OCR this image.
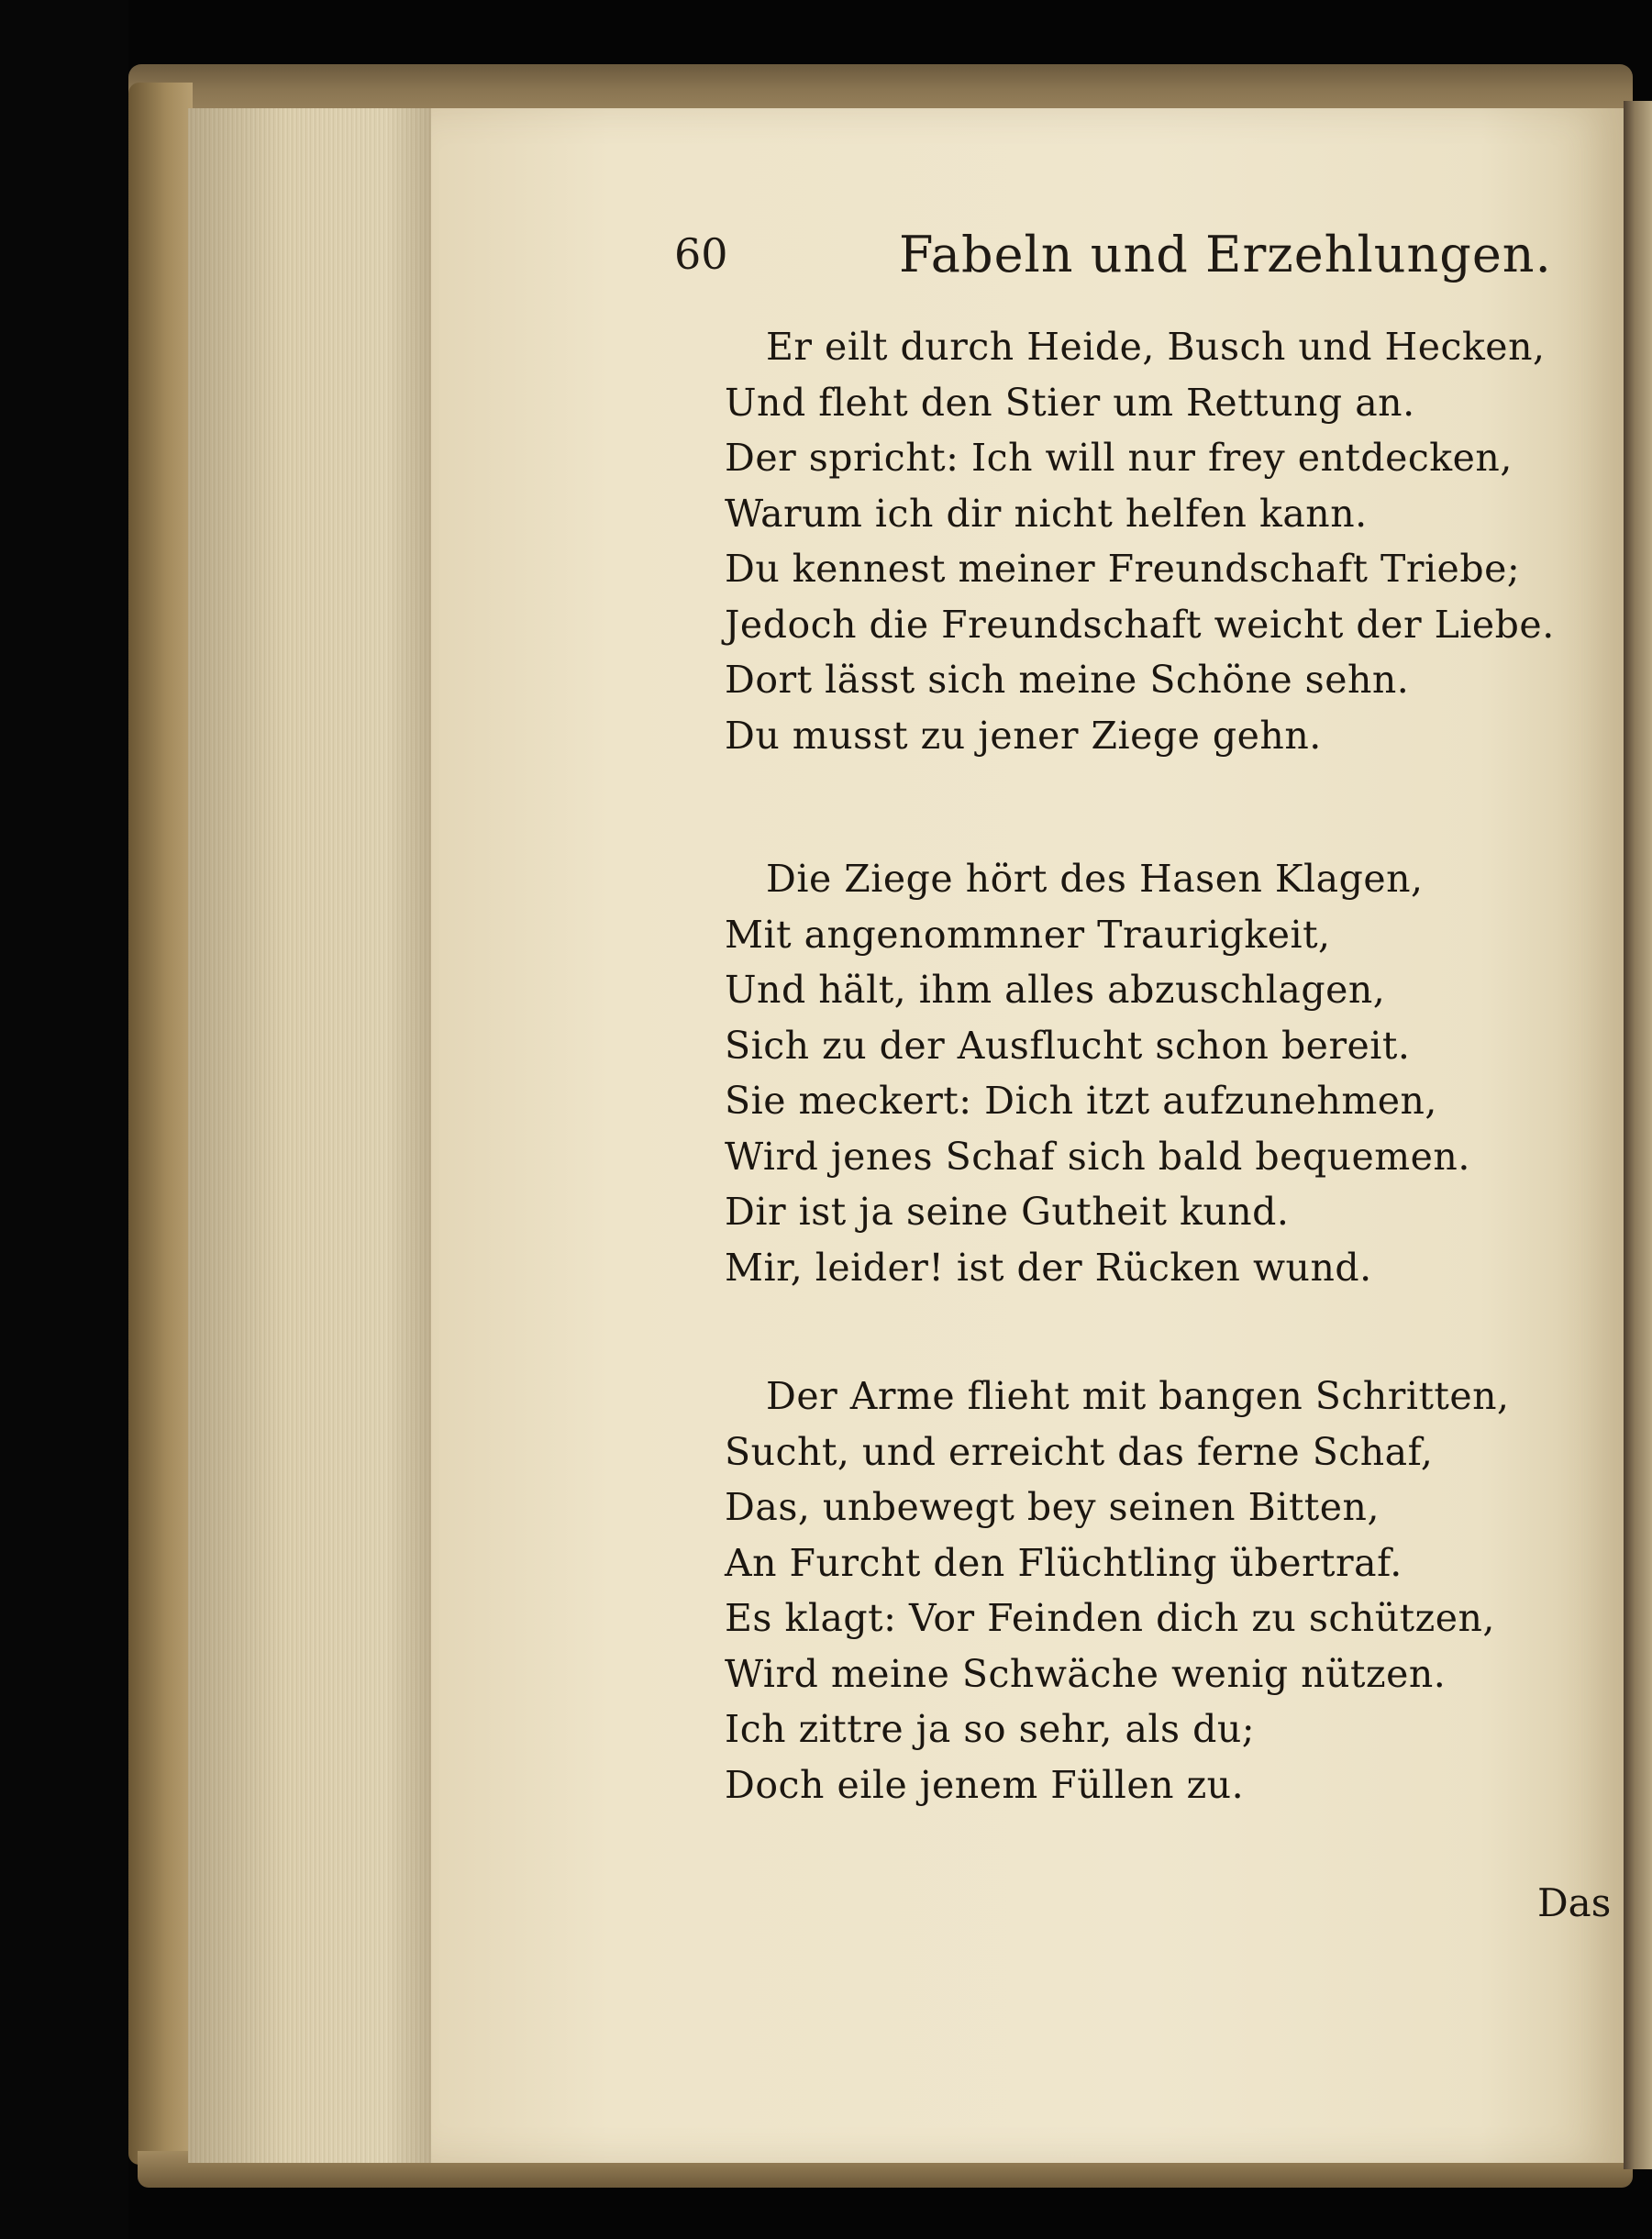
60	Fabeln und Erzehlungen.
Er eilt durch Heide, Busch und Hecken,
Und fleht den Stier um Rettung an.
Der spricht: Ich will nur frey entdecken,
Warum ich dir nicht helfen kann.
Du kennest meiner Freundschaft Triebe;
Jedoch die Freundschaft weicht der Liebe.
Dort lässt sich meine Schöne sehn.
Du musst zu jener Ziege gehn.
Die Ziege hört des Hasen Klagen,
Mit angenommner Traurigkeit,
Und hält, ihm alles abzuschlagen,
Sich zu der Ausflucht schon bereit.
Sie meckert: Dich itzt aufzunehmen,
Wird jenes Schaf sich bald bequemen.
Dir ist ja seine Gutheit kund.
Mir, leider! ist der Rücken wund.
Der Arme flieht mit bangen Schritten,
Sucht, und erreicht das ferne Schaf,
Das, unbewegt bey seinen Bitten,
An Furcht den Flüchtling übertraf.
Es klagt: Vor Feinden dich zu schützen,
Wird meine Schwäche wenig nützen.
Ich zittre ja so sehr, als du;
Doch eile jenem Füllen zu.
Das
